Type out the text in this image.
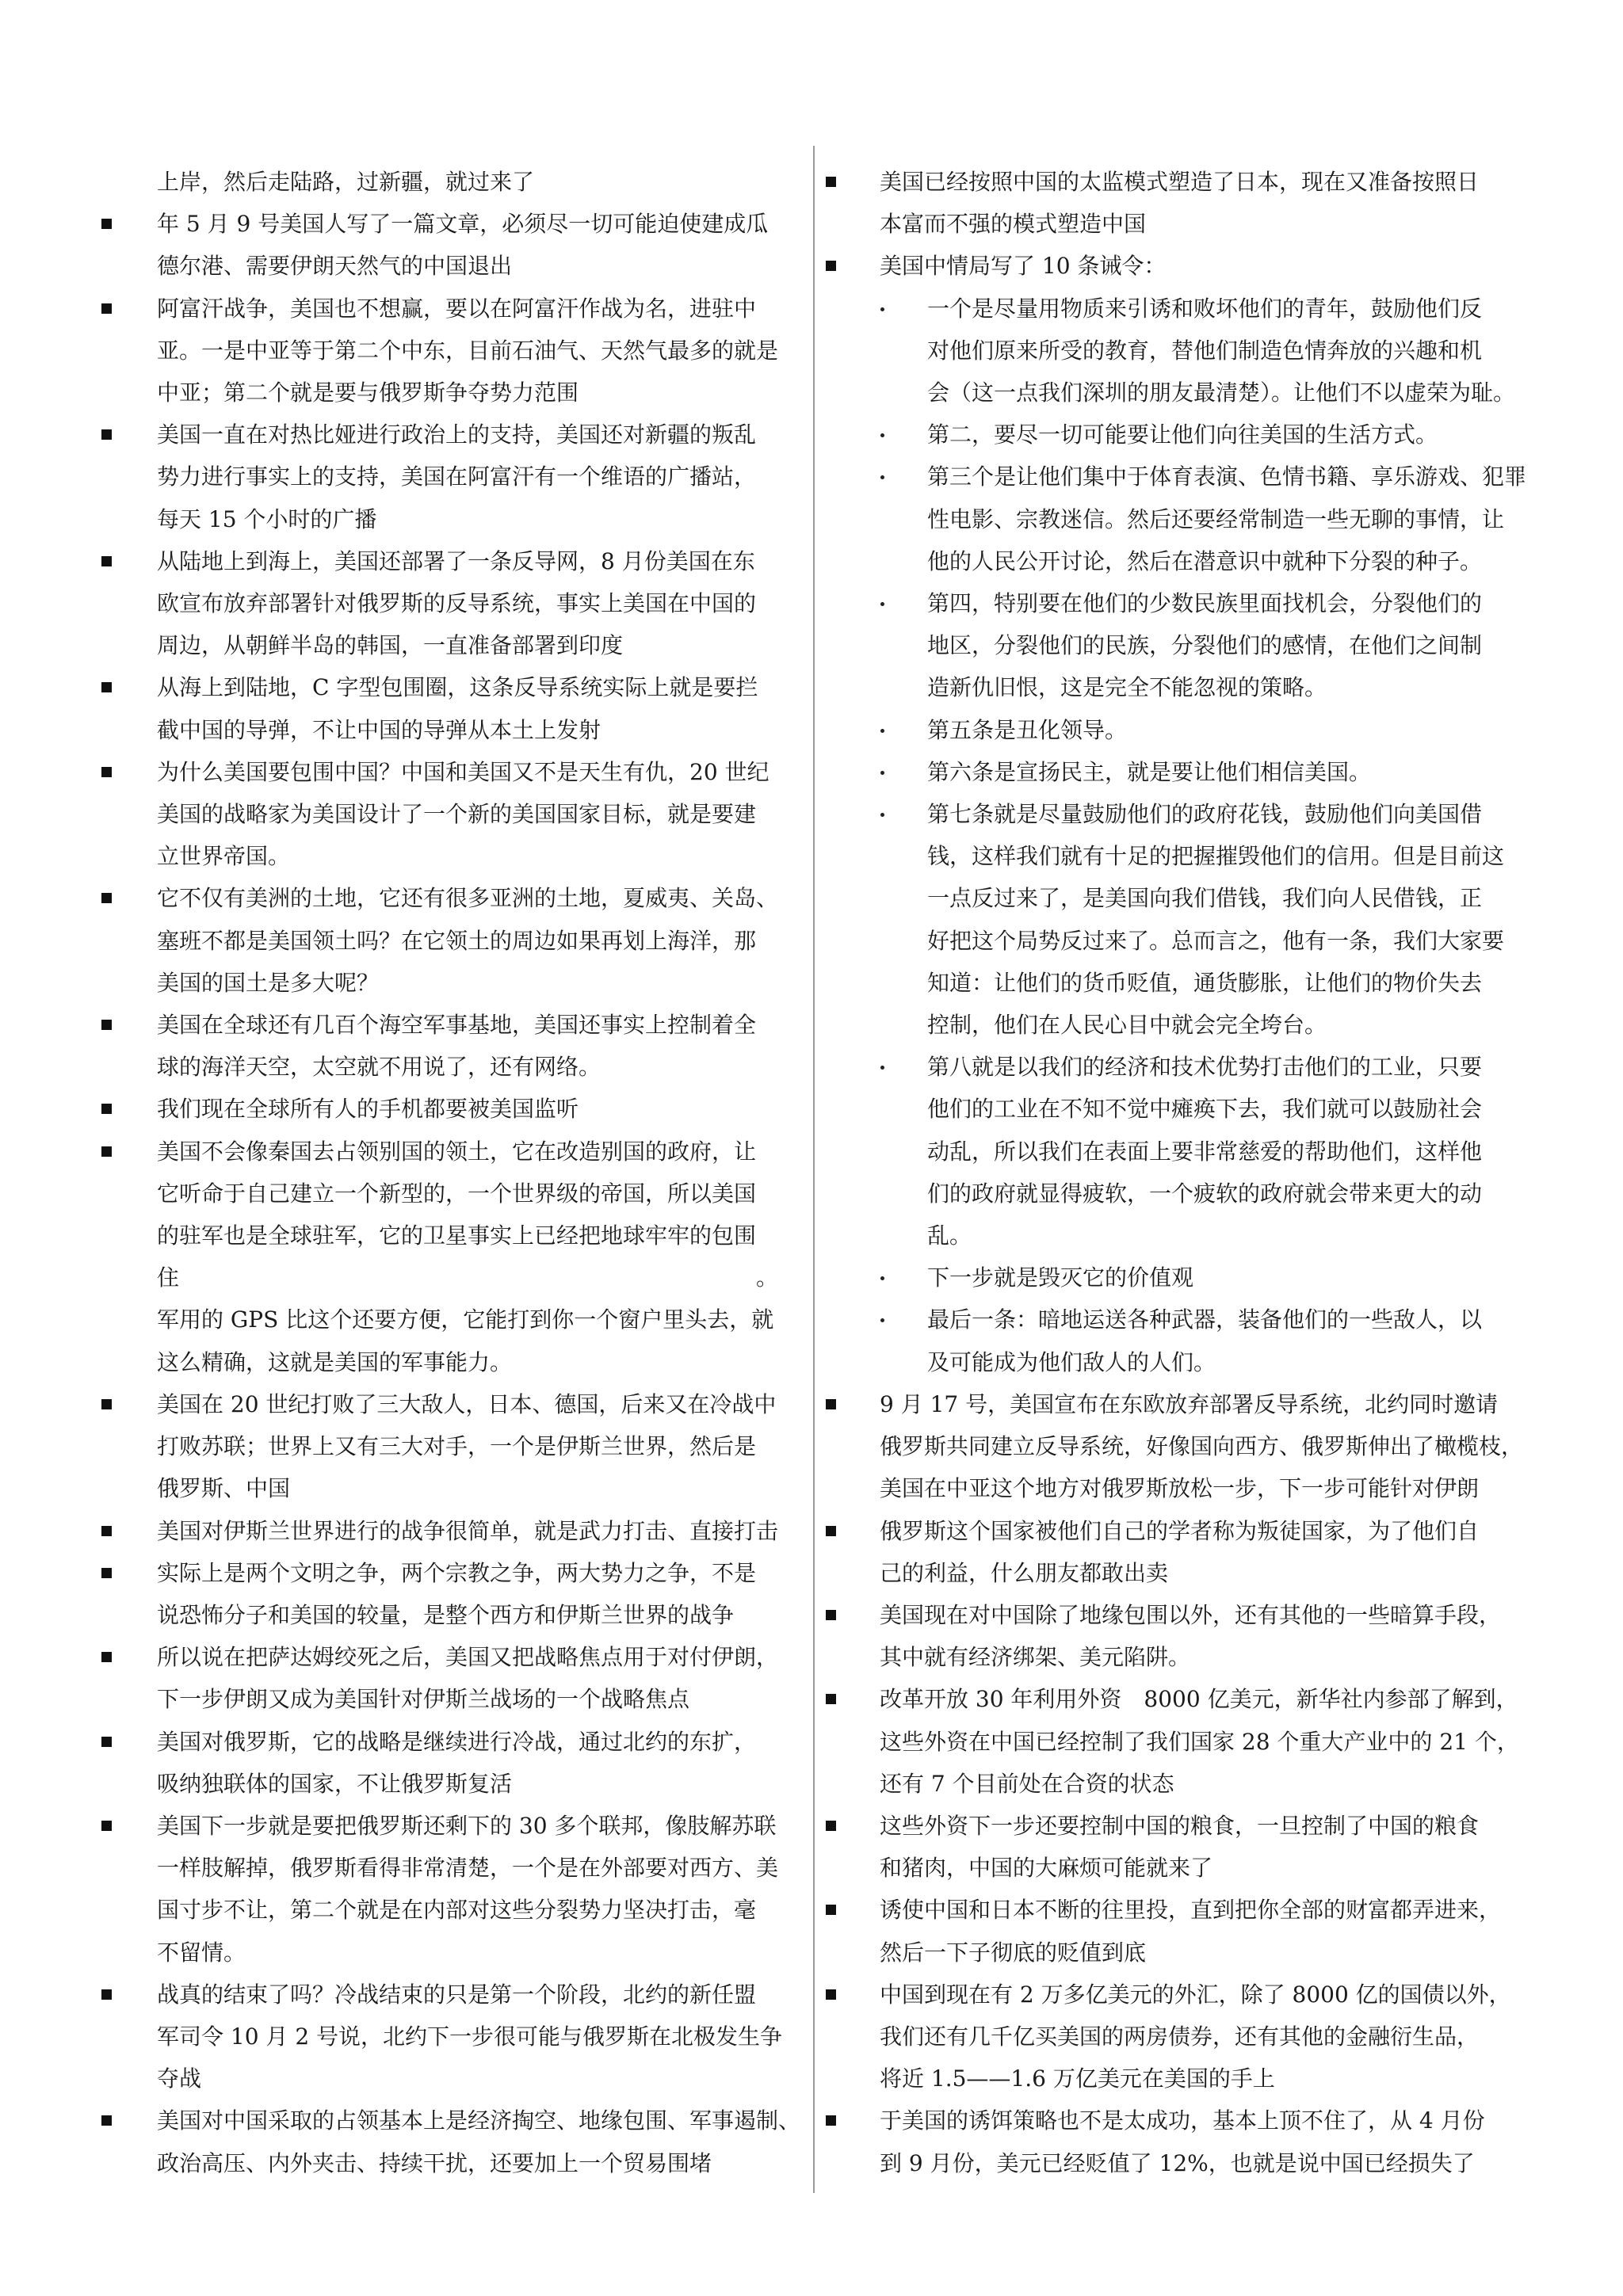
上岸，然后走陆路，过新疆，就过来了
年 5 月 9 号美国人写了一篇文章，必须尽一切可能迫使建成瓜
德尔港、需要伊朗天然气的中国退出
阿富汗战争，美国也不想赢，要以在阿富汗作战为名，进驻中
亚。一是中亚等于第二个中东，目前石油气、天然气最多的就是
中亚；第二个就是要与俄罗斯争夺势力范围
美国一直在对热比娅进行政治上的支持，美国还对新疆的叛乱
势力进行事实上的支持，美国在阿富汗有一个维语的广播站，
每天 15 个小时的广播
从陆地上到海上，美国还部署了一条反导网，8 月份美国在东
欧宣布放弃部署针对俄罗斯的反导系统，事实上美国在中国的
周边，从朝鲜半岛的韩国，一直准备部署到印度
从海上到陆地，C 字型包围圈，这条反导系统实际上就是要拦
截中国的导弹，不让中国的导弹从本土上发射
为什么美国要包围中国？中国和美国又不是天生有仇，20 世纪
美国的战略家为美国设计了一个新的美国国家目标，就是要建
立世界帝国。
它不仅有美洲的土地，它还有很多亚洲的土地，夏威夷、关岛、
塞班不都是美国领土吗？在它领土的周边如果再划上海洋，那
美国的国土是多大呢？
美国在全球还有几百个海空军事基地，美国还事实上控制着全
球的海洋天空，太空就不用说了，还有网络。
我们现在全球所有人的手机都要被美国监听
美国不会像秦国去占领别国的领土，它在改造别国的政府，让
它听命于自己建立一个新型的，一个世界级的帝国，所以美国
的驻军也是全球驻军，它的卫星事实上已经把地球牢牢的包围
住　　　　　　　　　　　　　　　　　　　　　　　　　　。
军用的 GPS 比这个还要方便，它能打到你一个窗户里头去，就
这么精确，这就是美国的军事能力。
美国在 20 世纪打败了三大敌人，日本、德国，后来又在冷战中
打败苏联；世界上又有三大对手，一个是伊斯兰世界，然后是
俄罗斯、中国
美国对伊斯兰世界进行的战争很简单，就是武力打击、直接打击
实际上是两个文明之争，两个宗教之争，两大势力之争，不是
说恐怖分子和美国的较量，是整个西方和伊斯兰世界的战争
所以说在把萨达姆绞死之后，美国又把战略焦点用于对付伊朗，
下一步伊朗又成为美国针对伊斯兰战场的一个战略焦点
美国对俄罗斯，它的战略是继续进行冷战，通过北约的东扩，
吸纳独联体的国家，不让俄罗斯复活
美国下一步就是要把俄罗斯还剩下的 30 多个联邦，像肢解苏联
一样肢解掉，俄罗斯看得非常清楚，一个是在外部要对西方、美
国寸步不让，第二个就是在内部对这些分裂势力坚决打击，毫
不留情。
战真的结束了吗？冷战结束的只是第一个阶段，北约的新任盟
军司令 10 月 2 号说，北约下一步很可能与俄罗斯在北极发生争
夺战
美国对中国采取的占领基本上是经济掏空、地缘包围、军事遏制、
政治高压、内外夹击、持续干扰，还要加上一个贸易围堵
美国已经按照中国的太监模式塑造了日本，现在又准备按照日
本富而不强的模式塑造中国
美国中情局写了 10 条诫令：
一个是尽量用物质来引诱和败坏他们的青年，鼓励他们反
对他们原来所受的教育，替他们制造色情奔放的兴趣和机
会（这一点我们深圳的朋友最清楚）。让他们不以虚荣为耻。
第二，要尽一切可能要让他们向往美国的生活方式。
第三个是让他们集中于体育表演、色情书籍、享乐游戏、犯罪
性电影、宗教迷信。然后还要经常制造一些无聊的事情，让
他的人民公开讨论，然后在潜意识中就种下分裂的种子。
第四，特别要在他们的少数民族里面找机会，分裂他们的
地区，分裂他们的民族，分裂他们的感情，在他们之间制
造新仇旧恨，这是完全不能忽视的策略。
第五条是丑化领导。
第六条是宣扬民主，就是要让他们相信美国。
第七条就是尽量鼓励他们的政府花钱，鼓励他们向美国借
钱，这样我们就有十足的把握摧毁他们的信用。但是目前这
一点反过来了，是美国向我们借钱，我们向人民借钱，正
好把这个局势反过来了。总而言之，他有一条，我们大家要
知道：让他们的货币贬值，通货膨胀，让他们的物价失去
控制，他们在人民心目中就会完全垮台。
第八就是以我们的经济和技术优势打击他们的工业，只要
他们的工业在不知不觉中瘫痪下去，我们就可以鼓励社会
动乱，所以我们在表面上要非常慈爱的帮助他们，这样他
们的政府就显得疲软，一个疲软的政府就会带来更大的动
乱。
下一步就是毁灭它的价值观
最后一条：暗地运送各种武器，装备他们的一些敌人，以
及可能成为他们敌人的人们。
9 月 17 号，美国宣布在东欧放弃部署反导系统，北约同时邀请
俄罗斯共同建立反导系统，好像国向西方、俄罗斯伸出了橄榄枝，
美国在中亚这个地方对俄罗斯放松一步，下一步可能针对伊朗
俄罗斯这个国家被他们自己的学者称为叛徒国家，为了他们自
己的利益，什么朋友都敢出卖
美国现在对中国除了地缘包围以外，还有其他的一些暗算手段，
其中就有经济绑架、美元陷阱。
改革开放 30 年利用外资　8000 亿美元，新华社内参部了解到，
这些外资在中国已经控制了我们国家 28 个重大产业中的 21 个，
还有 7 个目前处在合资的状态
这些外资下一步还要控制中国的粮食，一旦控制了中国的粮食
和猪肉，中国的大麻烦可能就来了
诱使中国和日本不断的往里投，直到把你全部的财富都弄进来，
然后一下子彻底的贬值到底
中国到现在有 2 万多亿美元的外汇，除了 8000 亿的国债以外，
我们还有几千亿买美国的两房债券，还有其他的金融衍生品，
将近 1.5——1.6 万亿美元在美国的手上
于美国的诱饵策略也不是太成功，基本上顶不住了，从 4 月份
到 9 月份，美元已经贬值了 12%，也就是说中国已经损失了
